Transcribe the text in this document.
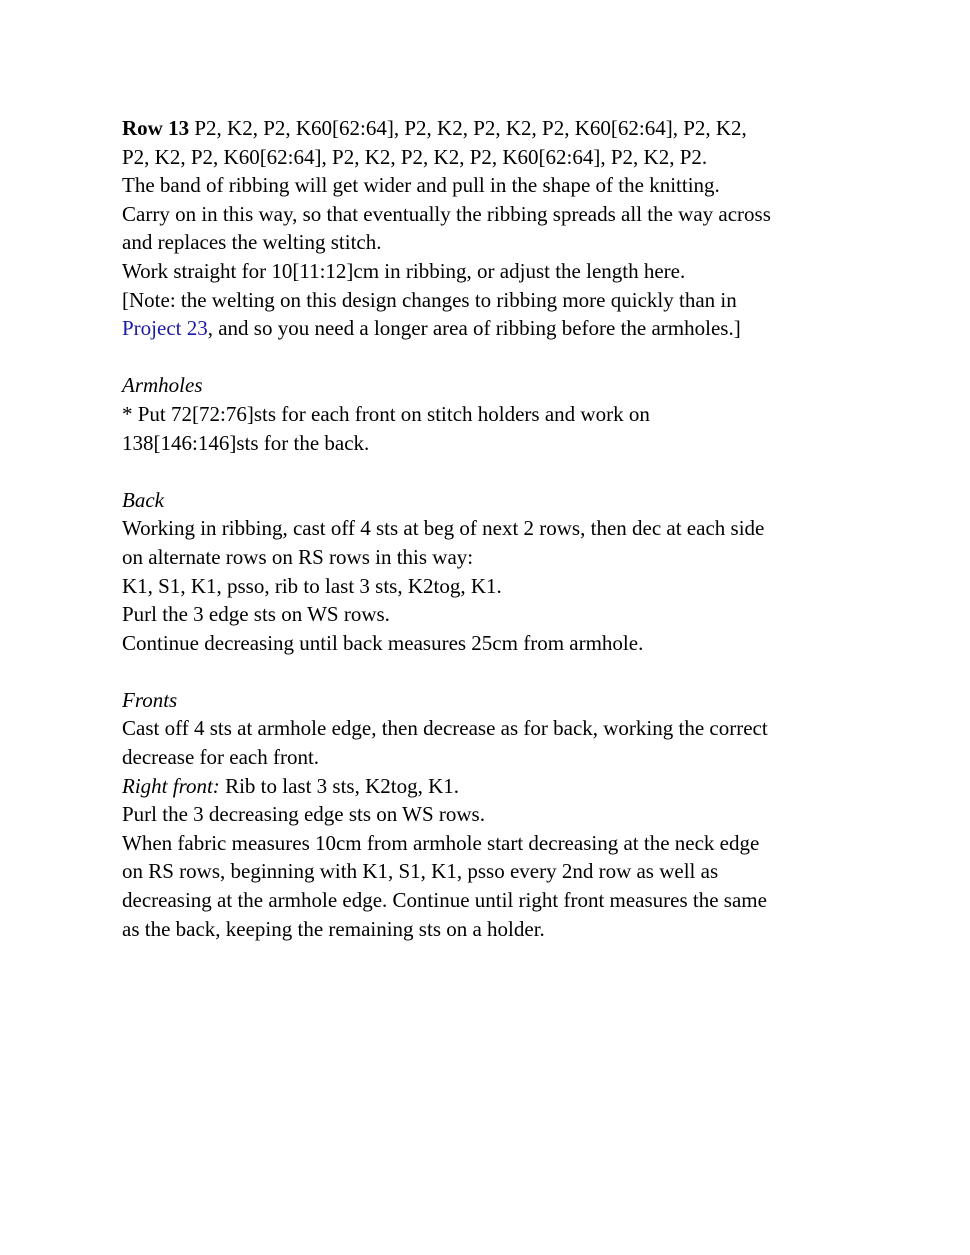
Row 13 P2, K2, P2, K60[62:64], P2, K2, P2, K2, P2, K60[62:64], P2, K2,
P2, K2, P2, K60[62:64], P2, K2, P2, K2, P2, K60[62:64], P2, K2, P2.
The band of ribbing will get wider and pull in the shape of the knitting.
Carry on in this way, so that eventually the ribbing spreads all the way across
and replaces the welting stitch.
Work straight for 10[11:12]cm in ribbing, or adjust the length here.
[Note: the welting on this design changes to ribbing more quickly than in
Project 23, and so you need a longer area of ribbing before the armholes.]
Armholes
* Put 72[72:76]sts for each front on stitch holders and work on
138[146:146]sts for the back.
Back
Working in ribbing, cast off 4 sts at beg of next 2 rows, then dec at each side
on alternate rows on RS rows in this way:
K1, S1, K1, psso, rib to last 3 sts, K2tog, K1.
Purl the 3 edge sts on WS rows.
Continue decreasing until back measures 25cm from armhole.
Fronts
Cast off 4 sts at armhole edge, then decrease as for back, working the correct
decrease for each front.
Right front: Rib to last 3 sts, K2tog, K1.
Purl the 3 decreasing edge sts on WS rows.
When fabric measures 10cm from armhole start decreasing at the neck edge
on RS rows, beginning with K1, S1, K1, psso every 2nd row as well as
decreasing at the armhole edge. Continue until right front measures the same
as the back, keeping the remaining sts on a holder.
